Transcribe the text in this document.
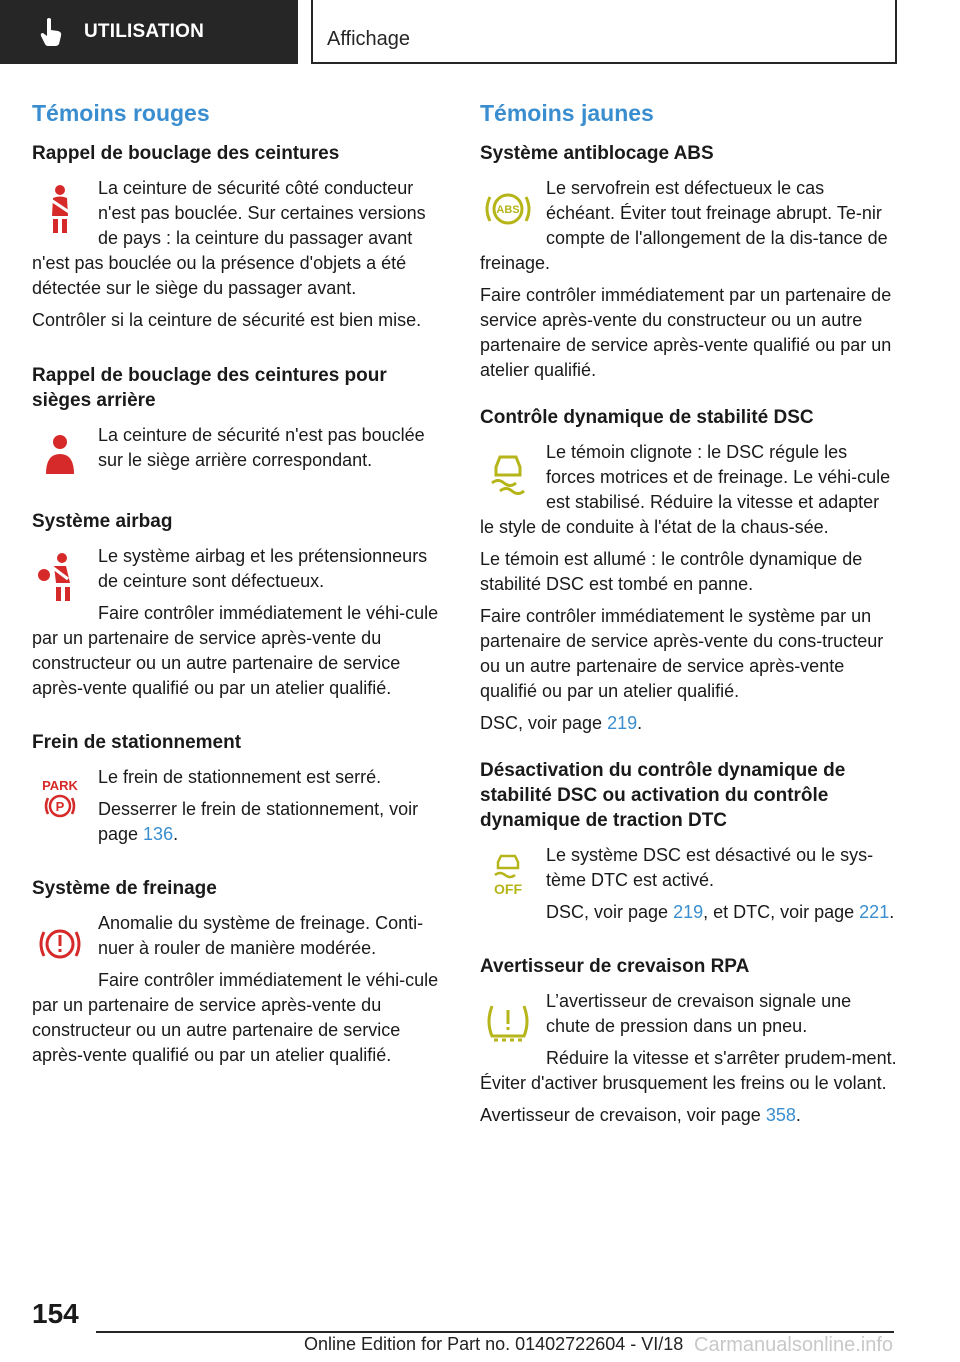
UTILISATION	Affichage
Témoins rouges
Rappel de bouclage des ceintures

La ceinture de sécurité côté conducteur n'est pas bouclée. Sur certaines versions de pays : la ceinture du passager avant n'est pas bouclée ou la présence d'objets a été détectée sur le siège du passager avant.

Contrôler si la ceinture de sécurité est bien mise.

Rappel de bouclage des ceintures pour sièges arrière

La ceinture de sécurité n'est pas bouclée sur le siège arrière correspondant.

Système airbag

Le système airbag et les prétensionneurs de ceinture sont défectueux.

Faire contrôler immédiatement le véhi‐cule par un partenaire de service après-vente du constructeur ou un autre partenaire de service après-vente qualifié ou par un atelier qualifié.

Frein de stationnement
PARK
P

Le frein de stationnement est serré.

Desserrer le frein de stationnement, voir page 136.

Système de freinage

Anomalie du système de freinage. Conti‐nuer à rouler de manière modérée.

Faire contrôler immédiatement le véhi‐cule par un partenaire de service après-vente du constructeur ou un autre partenaire de service après-vente qualifié ou par un atelier qualifié.

Témoins jaunes
Système antiblocage ABS
ABS

Le servofrein est défectueux le cas échéant. Éviter tout freinage abrupt. Te‐nir compte de l'allongement de la dis‐tance de freinage.

Faire contrôler immédiatement par un partenaire de service après-vente du constructeur ou un autre partenaire de service après-vente qualifié ou par un atelier qualifié.

Contrôle dynamique de stabilité DSC

Le témoin clignote : le DSC régule les forces motrices et de freinage. Le véhi‐cule est stabilisé. Réduire la vitesse et adapter le style de conduite à l'état de la chaus‐sée.

Le témoin est allumé : le contrôle dynamique de stabilité DSC est tombé en panne.

Faire contrôler immédiatement le système par un partenaire de service après-vente du cons‐tructeur ou un autre partenaire de service après-vente qualifié ou par un atelier qualifié.

DSC, voir page 219.

Désactivation du contrôle dynamique de stabilité DSC ou activation du contrôle dynamique de traction DTC
OFF

Le système DSC est désactivé ou le sys‐tème DTC est activé.

DSC, voir page 219, et DTC, voir page 221.

Avertisseur de crevaison RPA

L’avertisseur de crevaison signale une chute de pression dans un pneu.

Réduire la vitesse et s'arrêter prudem‐ment. Éviter d'activer brusquement les freins ou le volant.

Avertisseur de crevaison, voir page 358.

154
Online Edition for Part no. 01402722604 - VI/18 Carmanualsonline.info
